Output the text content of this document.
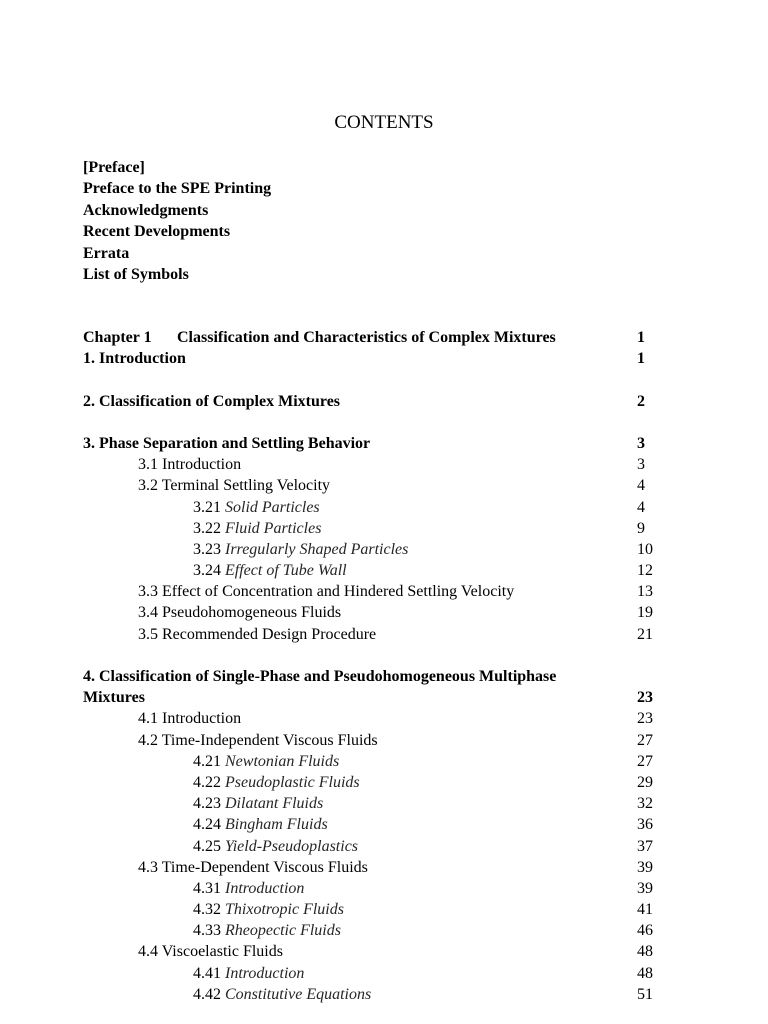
CONTENTS
[Preface]
Preface to the SPE Printing
Acknowledgments
Recent Developments
Errata
List of Symbols
Chapter 1 Classification and Characteristics of Complex Mixtures	1
1. Introduction	1
2. Classification of Complex Mixtures	2
3. Phase Separation and Settling Behavior	3
3.1 Introduction	3
3.2 Terminal Settling Velocity	4
3.21 Solid Particles	4
3.22 Fluid Particles	9
3.23 Irregularly Shaped Particles	10
3.24 Effect of Tube Wall	12
3.3 Effect of Concentration and Hindered Settling Velocity	13
3.4 Pseudohomogeneous Fluids	19
3.5 Recommended Design Procedure	21
4. Classification of Single-Phase and Pseudohomogeneous Multiphase
Mixtures	23
4.1 Introduction	23
4.2 Time-Independent Viscous Fluids	27
4.21 Newtonian Fluids	27
4.22 Pseudoplastic Fluids	29
4.23 Dilatant Fluids	32
4.24 Bingham Fluids	36
4.25 Yield-Pseudoplastics	37
4.3 Time-Dependent Viscous Fluids	39
4.31 Introduction	39
4.32 Thixotropic Fluids	41
4.33 Rheopectic Fluids	46
4.4 Viscoelastic Fluids	48
4.41 Introduction	48
4.42 Constitutive Equations	51
